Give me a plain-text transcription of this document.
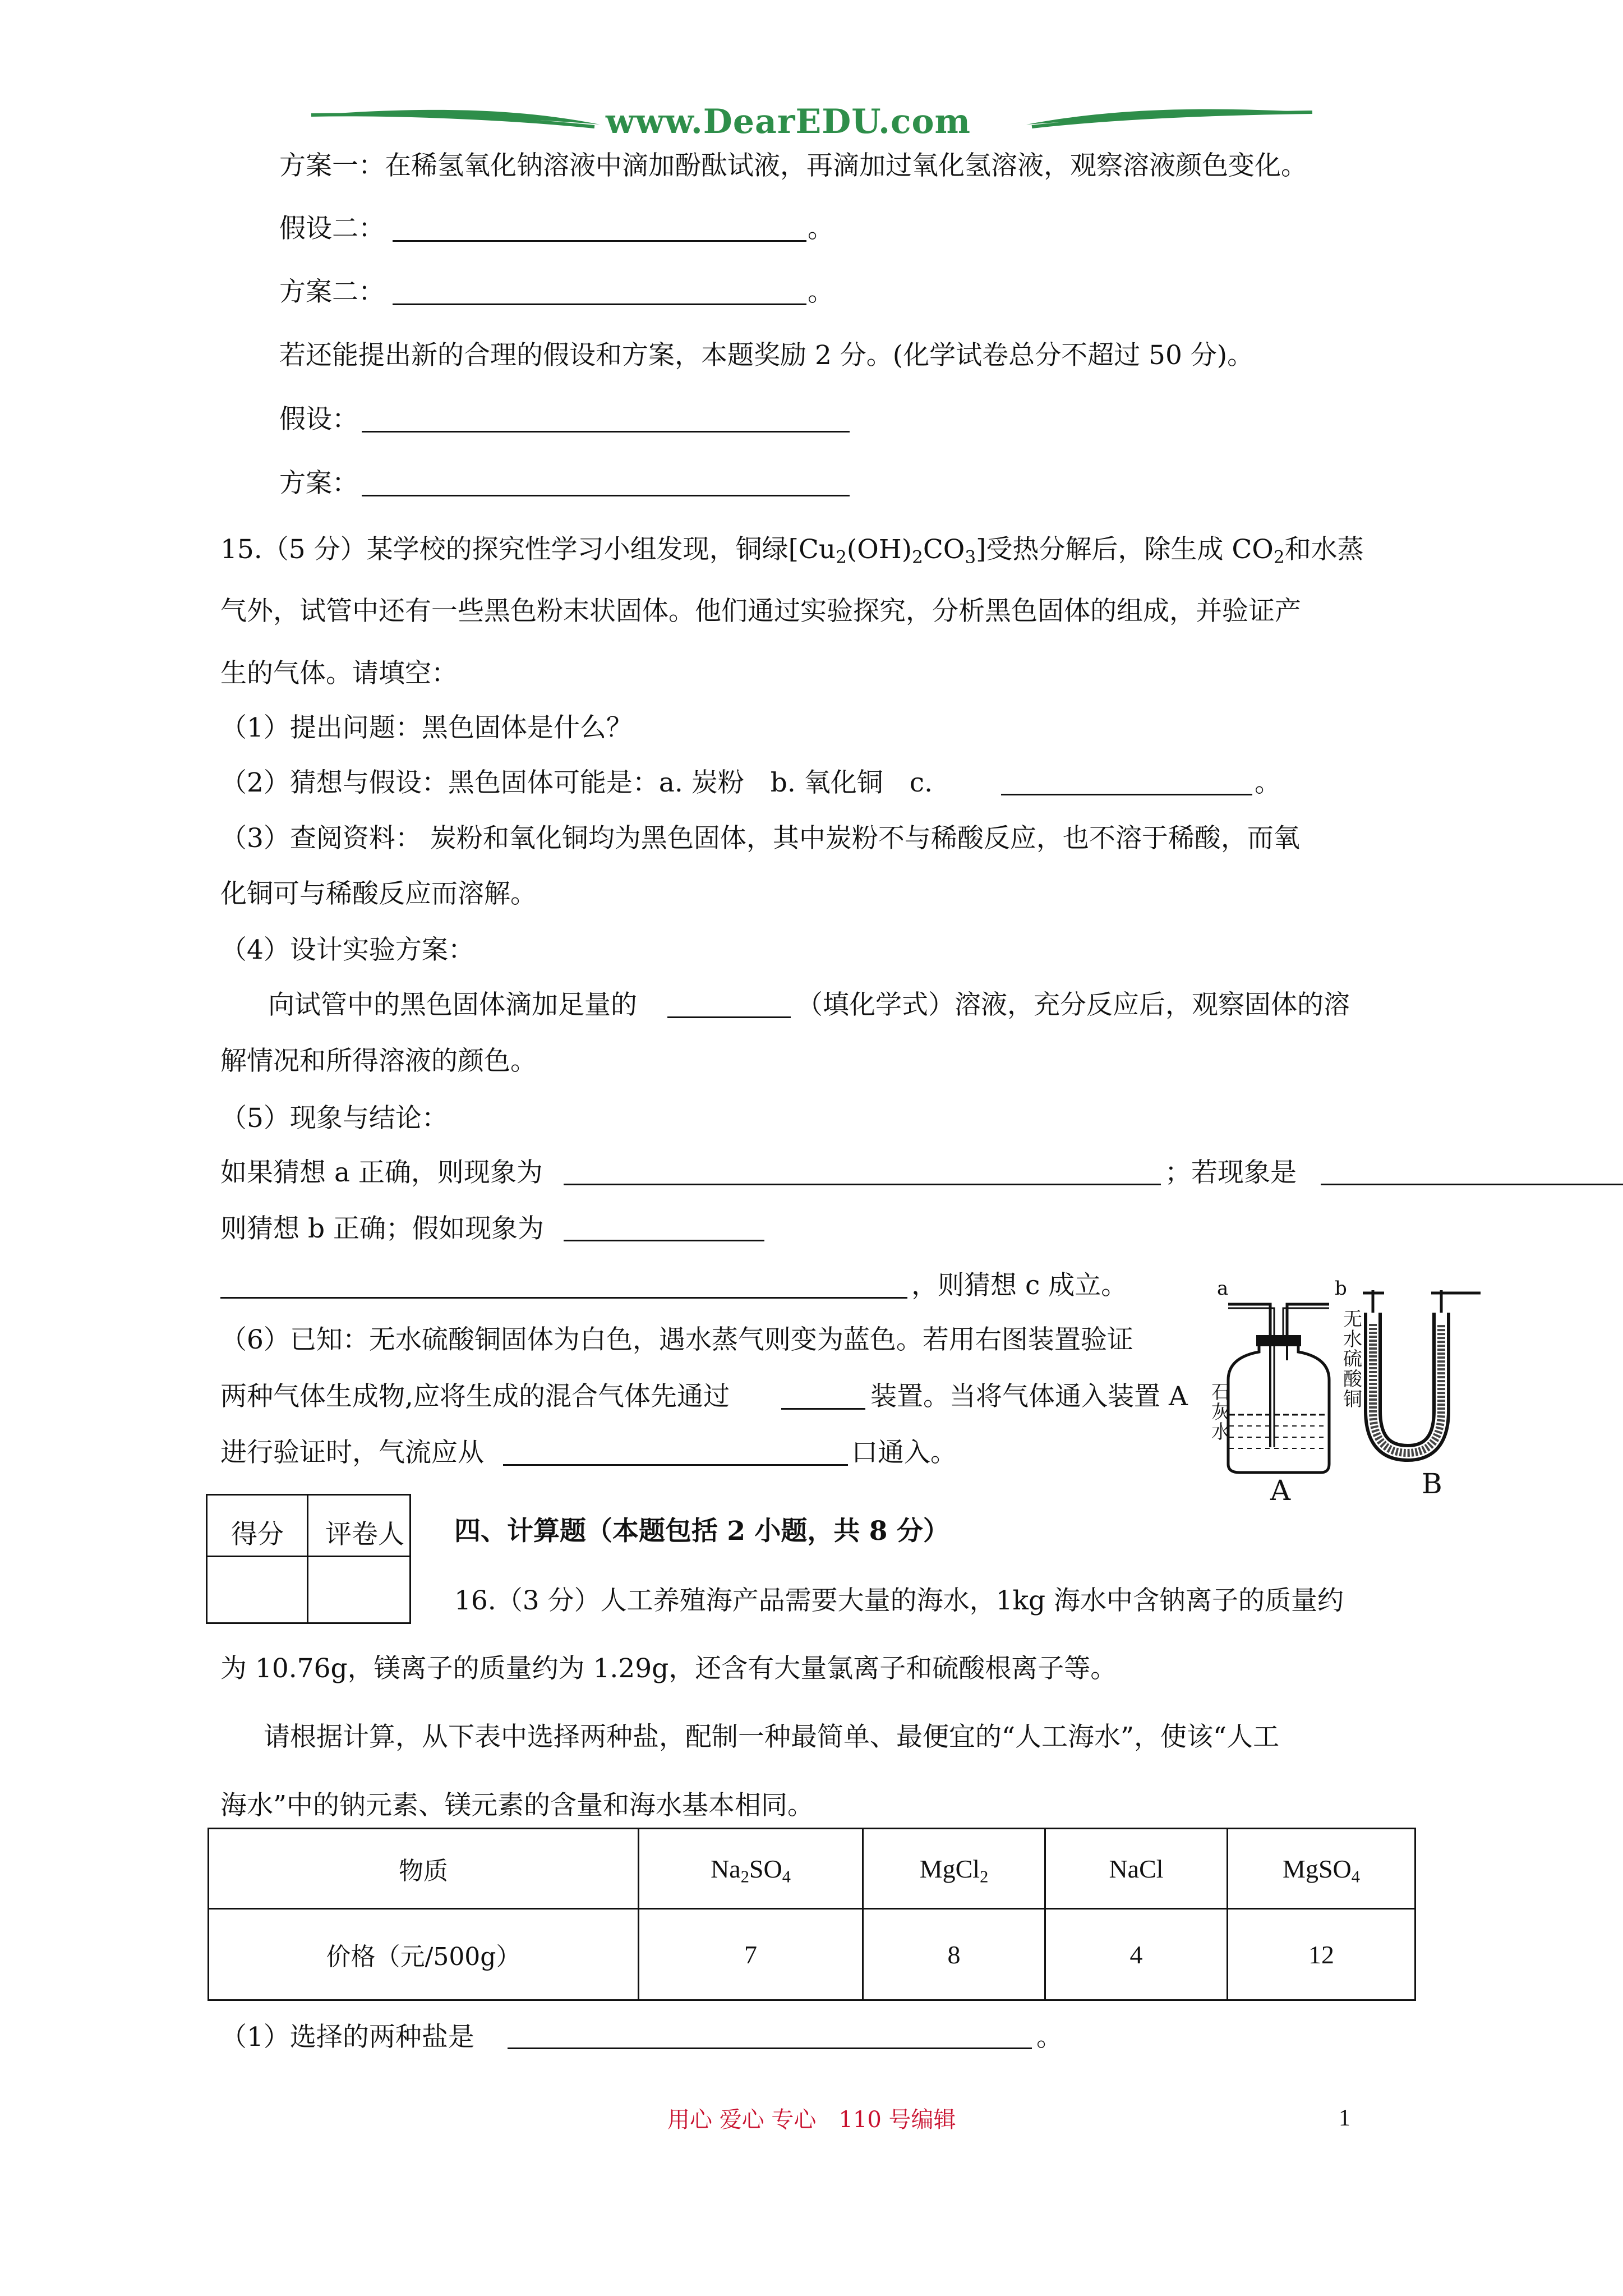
www.DearEDU.com
方案一：在稀氢氧化钠溶液中滴加酚酞试液，再滴加过氧化氢溶液，观察溶液颜色变化。
假设二：	。
方案二：	。
若还能提出新的合理的假设和方案，本题奖励 2 分。(化学试卷总分不超过 50 分)。
假设：
方案：
15.（5 分）某学校的探究性学习小组发现，铜绿$[Cu_2(OH)_2CO_3]$受热分解后，除生成 $CO_2$和水蒸
气外，试管中还有一些黑色粉末状固体。他们通过实验探究，分析黑色固体的组成，并验证产
生的气体。请填空：
（1）提出问题：黑色固体是什么？
（2）猜想与假设：黑色固体可能是：a. 炭粉　b. 氧化铜　c.	。
（3）查阅资料： 炭粉和氧化铜均为黑色固体，其中炭粉不与稀酸反应，也不溶于稀酸，而氧
化铜可与稀酸反应而溶解。
（4）设计实验方案：
向试管中的黑色固体滴加足量的	（填化学式）溶液，充分反应后，观察固体的溶
解情况和所得溶液的颜色。
（5）现象与结论：
如果猜想 a 正确，则现象为	；若现象是
则猜想 b 正确；假如现象为
，则猜想 c 成立。
（6）已知：无水硫酸铜固体为白色，遇水蒸气则变为蓝色。若用右图装置验证
两种气体生成物,应将生成的混合气体先通过	装置。当将气体通入装置 A
进行验证时，气流应从	口通入。
a	b
石灰水
无水硫酸铜
A	B
得分 评卷人 四、计算题（本题包括 2 小题，共 8 分）
16.（3 分）人工养殖海产品需要大量的海水，1kg 海水中含钠离子的质量约
为 10.76g，镁离子的质量约为 1.29g，还含有大量氯离子和硫酸根离子等。
请根据计算，从下表中选择两种盐，配制一种最简单、最便宜的“人工海水”，使该“人工
海水”中的钠元素、镁元素的含量和海水基本相同。
物质	$Na_2SO_4$	MgCl$_2$	NaCl	MgSO$_4$
价格（元/500g）	7	8	4	12
（1）选择的两种盐是	。
用心 爱心 专心　110 号编辑	1
